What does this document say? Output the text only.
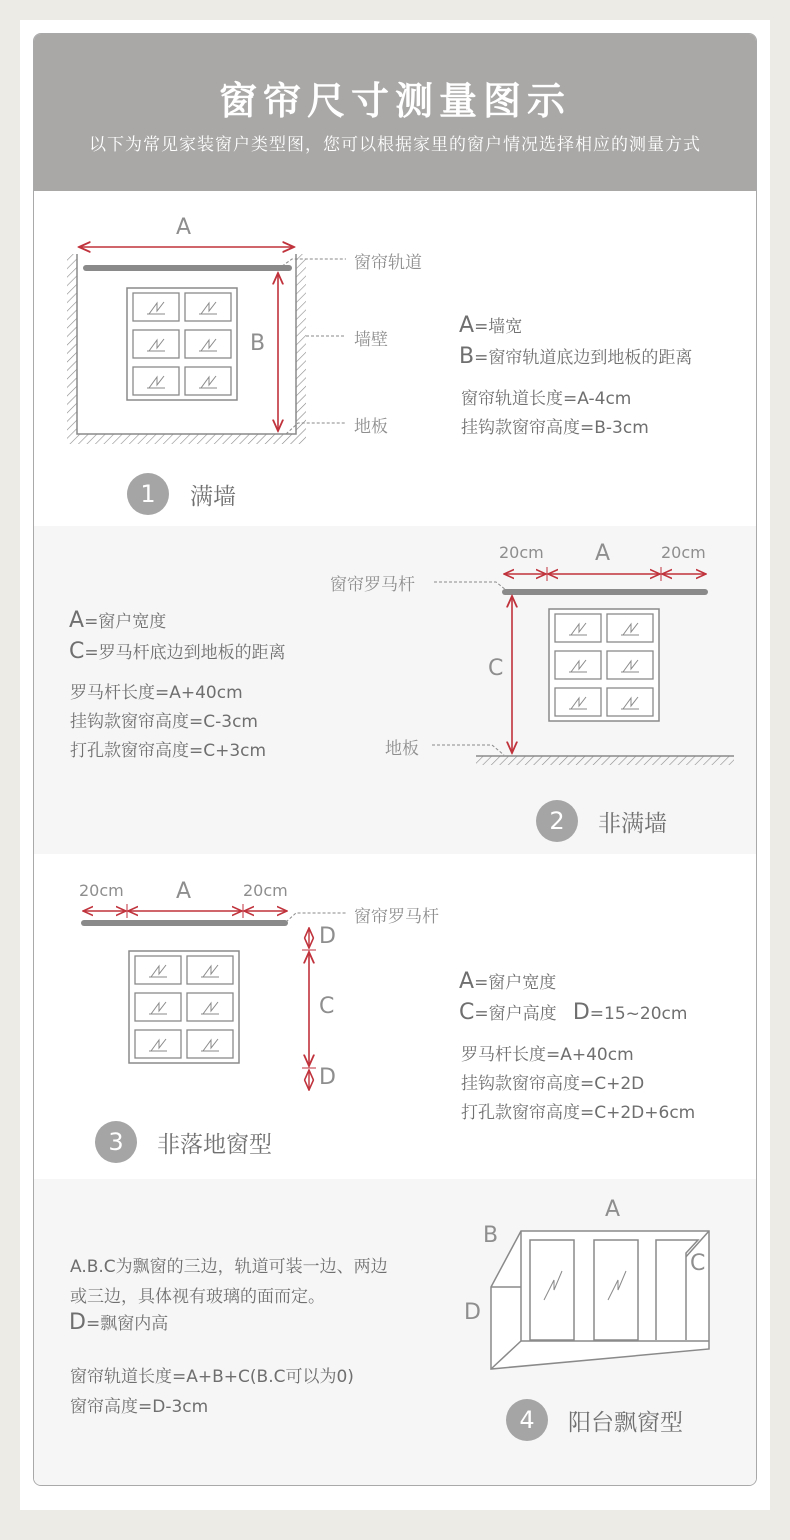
窗帘尺寸测量图示
以下为常见家装窗户类型图，您可以根据家里的窗户情况选择相应的测量方式
A
B
窗帘轨道
墙壁
地板
A=墙宽
B=窗帘轨道底边到地板的距离
窗帘轨道长度=A-4cm
挂钩款窗帘高度=B-3cm
1	满墙
20cm A	20cm
窗帘罗马杆
C
地板
A=窗户宽度
C=罗马杆底边到地板的距离
罗马杆长度=A+40cm
挂钩款窗帘高度=C-3cm
打孔款窗帘高度=C+3cm
2	非满墙
20cm A	20cm
窗帘罗马杆
D
C
D
A=窗户宽度
C=窗户高度 D=15~20cm
罗马杆长度=A+40cm
挂钩款窗帘高度=C+2D
打孔款窗帘高度=C+2D+6cm
3	非落地窗型
A
B
C
D
A.B.C为飘窗的三边，轨道可装一边、两边
或三边，具体视有玻璃的面而定。
D=飘窗内高
窗帘轨道长度=A+B+C(B.C可以为0)
窗帘高度=D-3cm	4	阳台飘窗型
